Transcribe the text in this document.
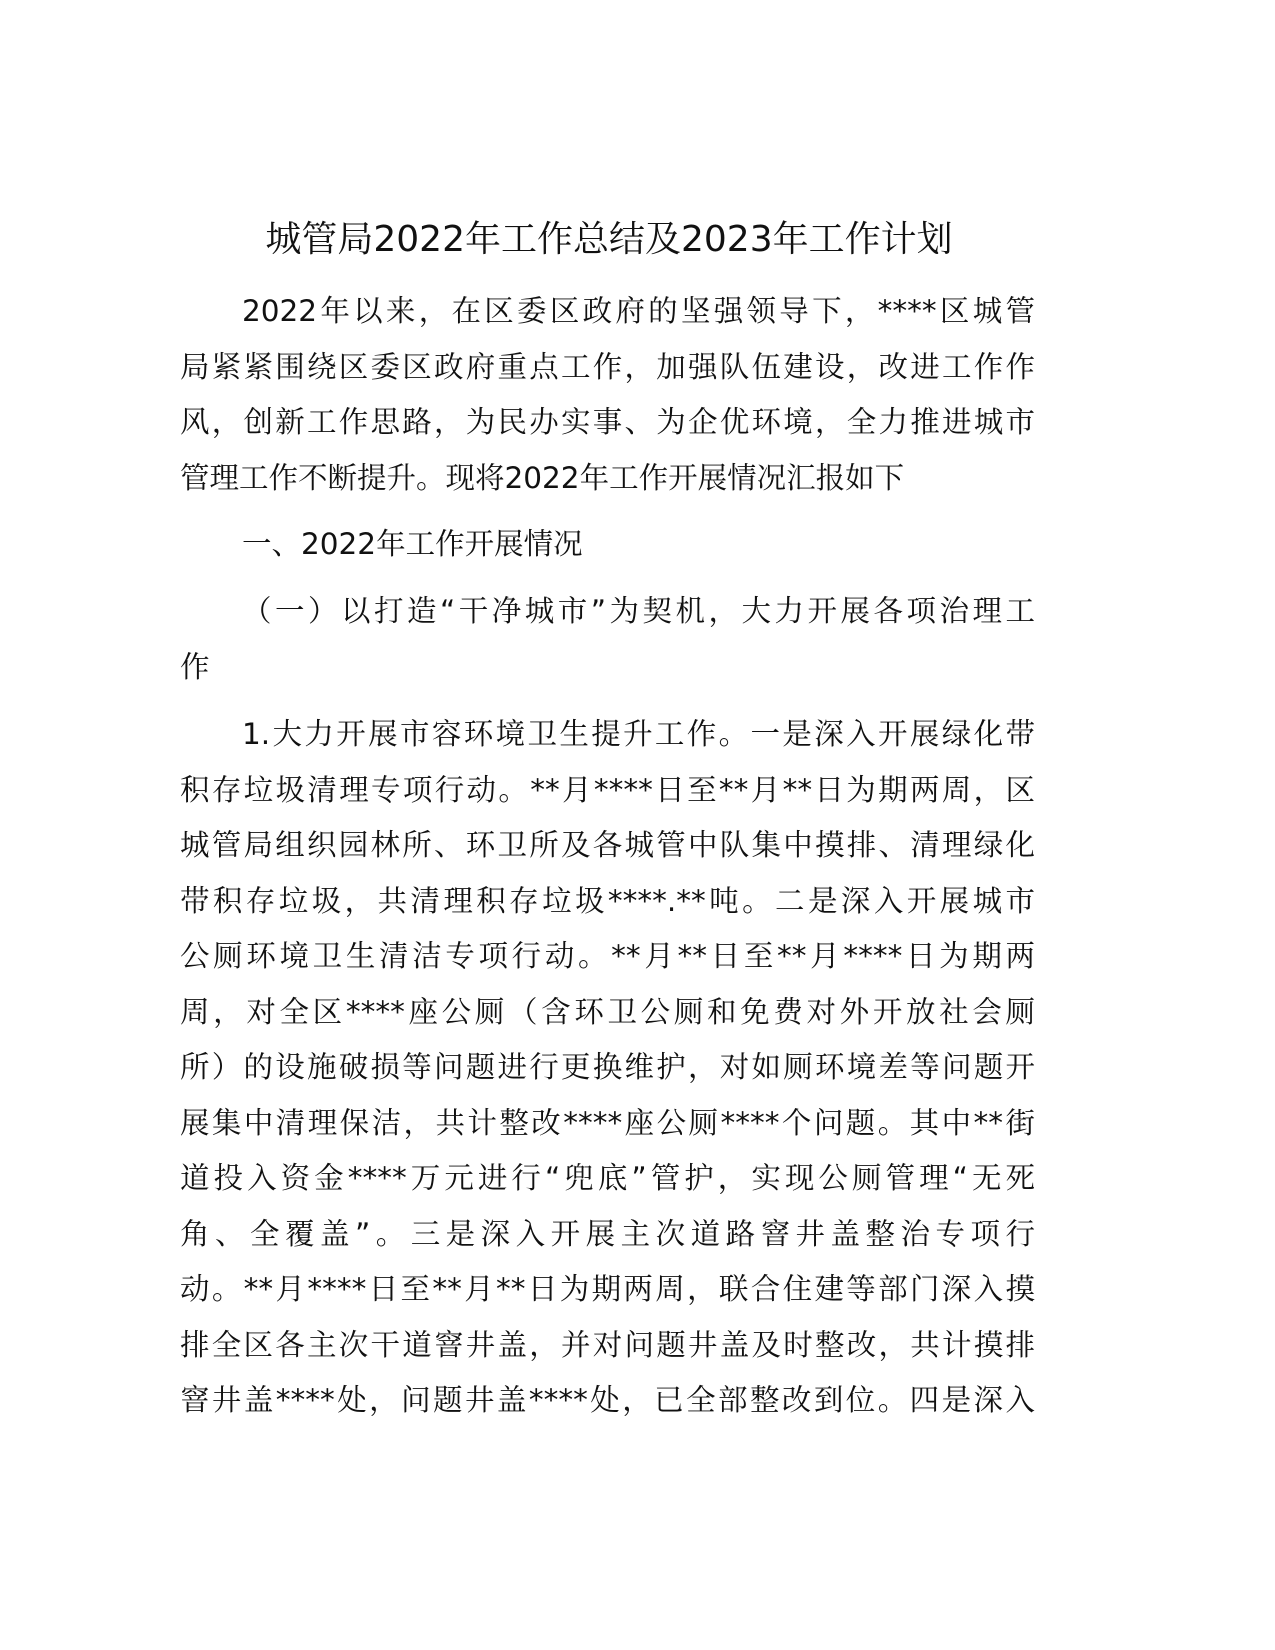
城管局2022年工作总结及2023年工作计划
2022年以来，在区委区政府的坚强领导下，****区城管
局紧紧围绕区委区政府重点工作，加强队伍建设，改进工作作
风，创新工作思路，为民办实事、为企优环境，全力推进城市
管理工作不断提升。现将2022年工作开展情况汇报如下
一、2022年工作开展情况
（一）以打造“干净城市”为契机，大力开展各项治理工
作
1.大力开展市容环境卫生提升工作。一是深入开展绿化带
积存垃圾清理专项行动。**月****日至**月**日为期两周，区
城管局组织园林所、环卫所及各城管中队集中摸排、清理绿化
带积存垃圾，共清理积存垃圾****.**吨。二是深入开展城市
公厕环境卫生清洁专项行动。**月**日至**月****日为期两
周，对全区****座公厕（含环卫公厕和免费对外开放社会厕
所）的设施破损等问题进行更换维护，对如厕环境差等问题开
展集中清理保洁，共计整改****座公厕****个问题。其中**街
道投入资金****万元进行“兜底”管护，实现公厕管理“无死
角、全覆盖”。三是深入开展主次道路窨井盖整治专项行
动。**月****日至**月**日为期两周，联合住建等部门深入摸
排全区各主次干道窨井盖，并对问题井盖及时整改，共计摸排
窨井盖****处，问题井盖****处，已全部整改到位。四是深入
